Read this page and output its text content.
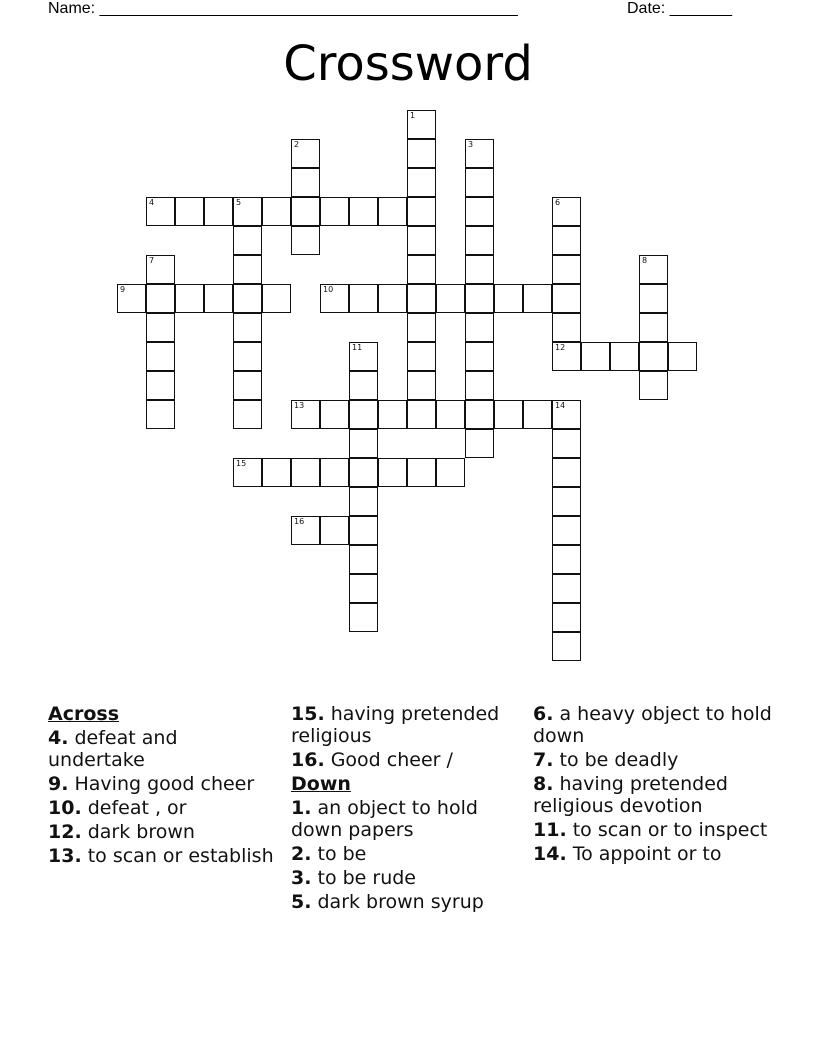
Name: _______________________________________________	Date: _______
Crossword
1
2	3
4	5	6
12
7	8
9	10
11
13	14
15
16
Across
4. defeat and undertake
9. Having good cheer
10. defeat , or
12. dark brown
13. to scan or establish
15. having pretended religious
16. Good cheer /
Down
1. an object to hold down papers
2. to be
3. to be rude
5. dark brown syrup
6. a heavy object to hold down
7. to be deadly
8. having pretended religious devotion
11. to scan or to inspect
14. To appoint or to
